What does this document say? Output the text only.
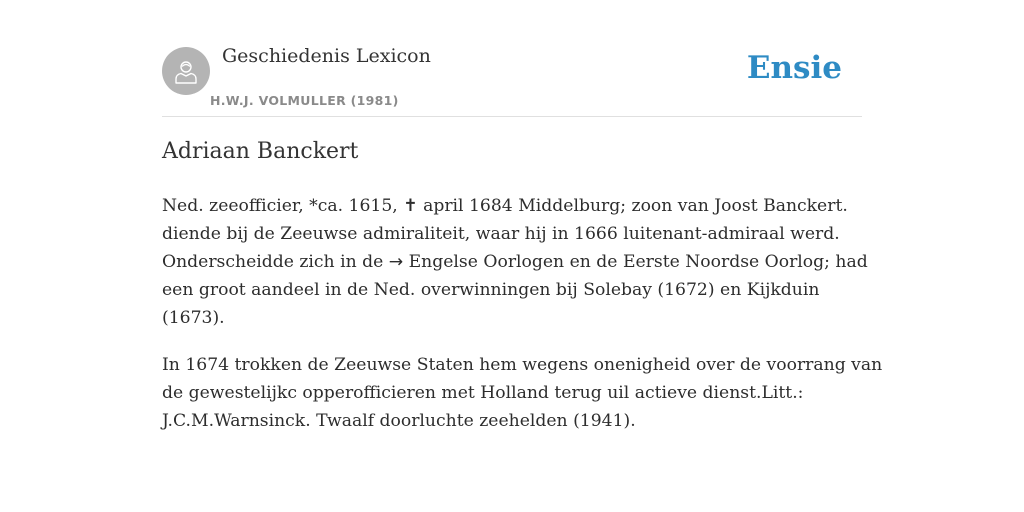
Geschiedenis Lexicon
H.W.J. VOLMULLER (1981)
Ensie
Adriaan Banckert

Ned. zeeofficier, *ca. 1615, ✝ april 1684 Middelburg; zoon van Joost Banckert.
diende bij de Zeeuwse admiraliteit, waar hij in 1666 luitenant-admiraal werd.
Onderscheidde zich in de → Engelse Oorlogen en de Eerste Noordse Oorlog; had
een groot aandeel in de Ned. overwinningen bij Solebay (1672) en Kijkduin
(1673).

In 1674 trokken de Zeeuwse Staten hem wegens onenigheid over de voorrang van
de gewestelijkc opperofficieren met Holland terug uil actieve dienst.Litt.:
J.C.M.Warnsinck. Twaalf doorluchte zeehelden (1941).
